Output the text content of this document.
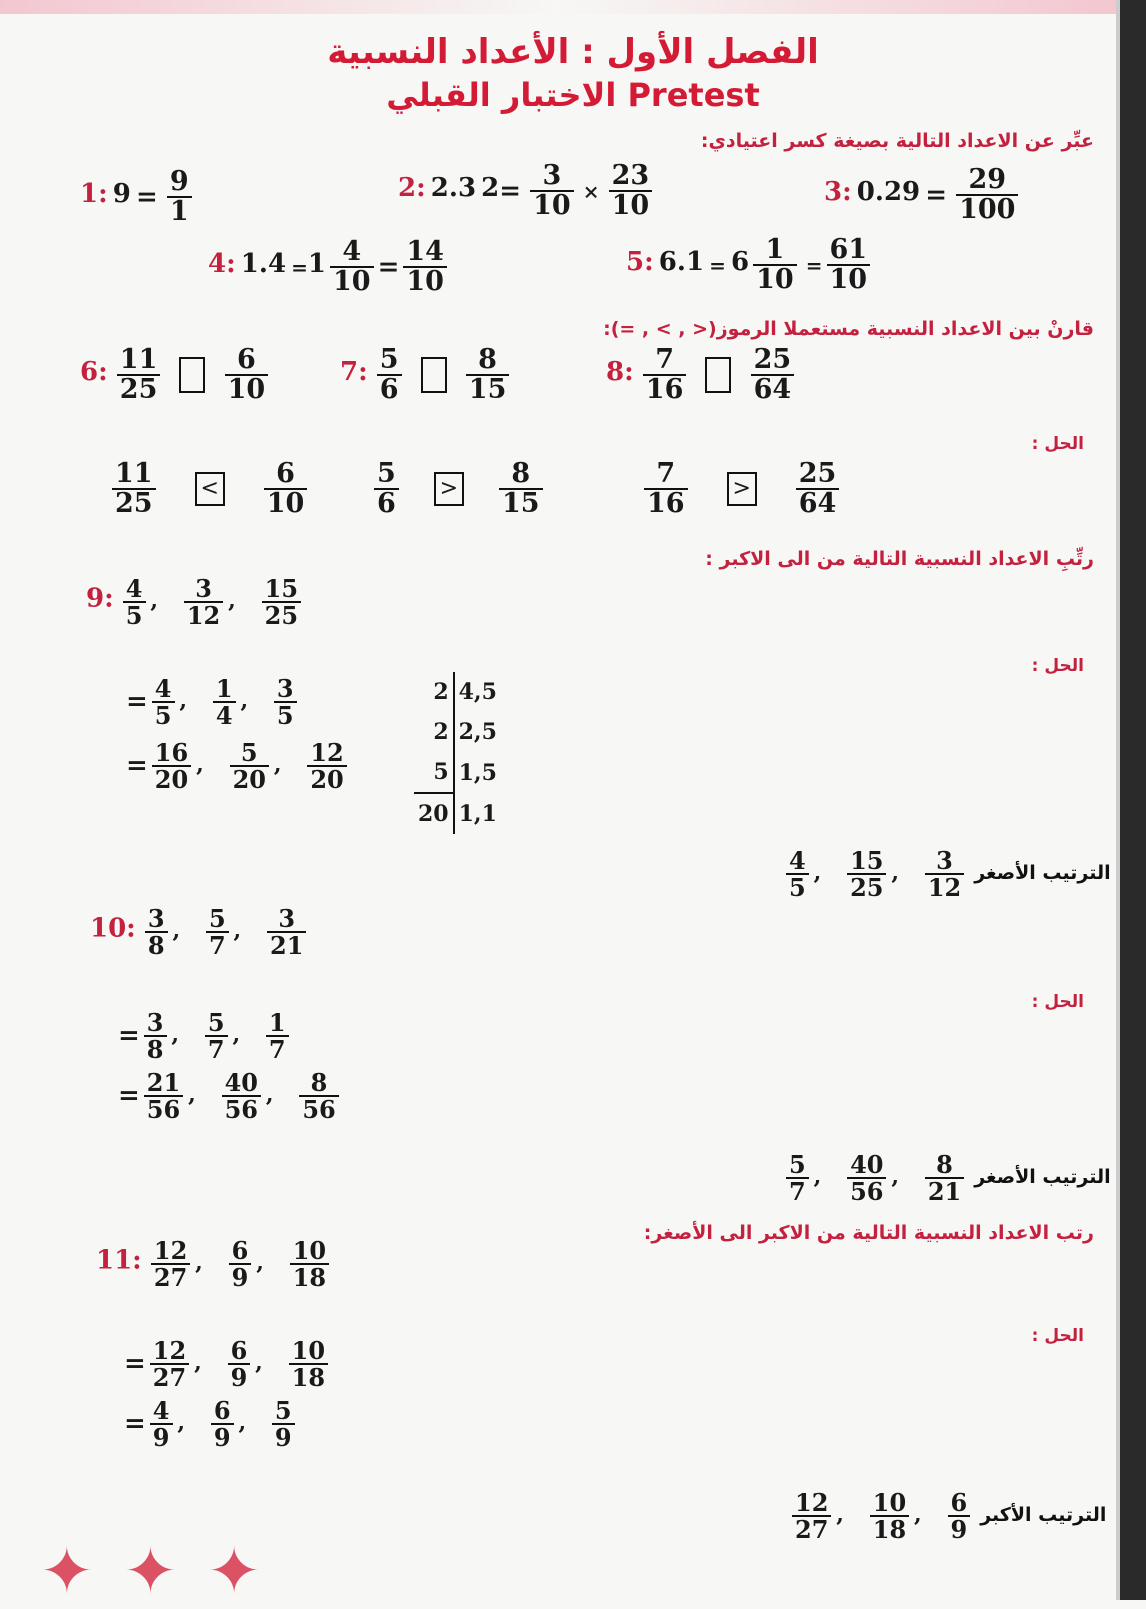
✦✦✦
الفصل الأول : الأعداد النسبية
الاختبار القبلي Pretest
عبِّر عن الاعداد التالية بصيغة كسر اعتيادي:
1: $9 = \frac{9}{1}$	2: 2.3 $2= \frac{3}{10} \times \frac{23}{10}$	3: $0.29 = \frac{29}{100}$
4: $1.4 =1 \frac{4}{10} = \frac{14}{10}$	5: $6.1 = 6 \frac{1}{10} = \frac{61}{10}$
قارنْ بين الاعداد النسبية مستعملا الرموز(< , > , =):
6: $\frac{11}{25}$
$\frac{6}{10}$	7: $\frac{5}{6}$
$\frac{8}{15}$	8: $\frac{7}{16}$
$\frac{25}{64}$
الحل :
$\frac{11}{25} < \frac{6}{10} \frac{5}{6} > \frac{8}{15}$	$\frac{7}{16} > \frac{25}{64}$
رتِّبِ الاعداد النسبية التالية من الى الاكبر :
9: $\frac{4}{5}$ ’ $\frac{3}{12}$ ’ $\frac{15}{25}$
الحل :
= $\frac{4}{5}$ ’ $\frac{1}{4}$ ’ $\frac{3}{5}$
= $\frac{16}{20}$ ’ $\frac{5}{20}$ ’ $\frac{12}{20}$
2	4,5
2	2,5
5	1,5
20	1,1
الترتيب الأصغر
$\frac{4}{5}$ ’ $\frac{15}{25}$ ’ $\frac{3}{12}$
10: $\frac{3}{8}$ ’ $\frac{5}{7}$ ’ $\frac{3}{21}$
الحل :
= $\frac{3}{8}$ ’ $\frac{5}{7}$ ’ $\frac{1}{7}$
= $\frac{21}{56}$ ’ $\frac{40}{56}$ ’ $\frac{8}{56}$
الترتيب الأصغر
$\frac{5}{7}$ ’ $\frac{40}{56}$ ’ $\frac{8}{21}$
رتب الاعداد النسبية التالية من الاكبر الى الأصغر:
11: $\frac{12}{27}$ ’ $\frac{6}{9}$ ’ $\frac{10}{18}$
الحل :
= $\frac{12}{27}$ ’ $\frac{6}{9}$ ’ $\frac{10}{18}$
= $\frac{4}{9}$ ’ $\frac{6}{9}$ ’ $\frac{5}{9}$
الترتيب الأكبر
$\frac{12}{27}$ ’ $\frac{10}{18}$ ’ $\frac{6}{9}$
